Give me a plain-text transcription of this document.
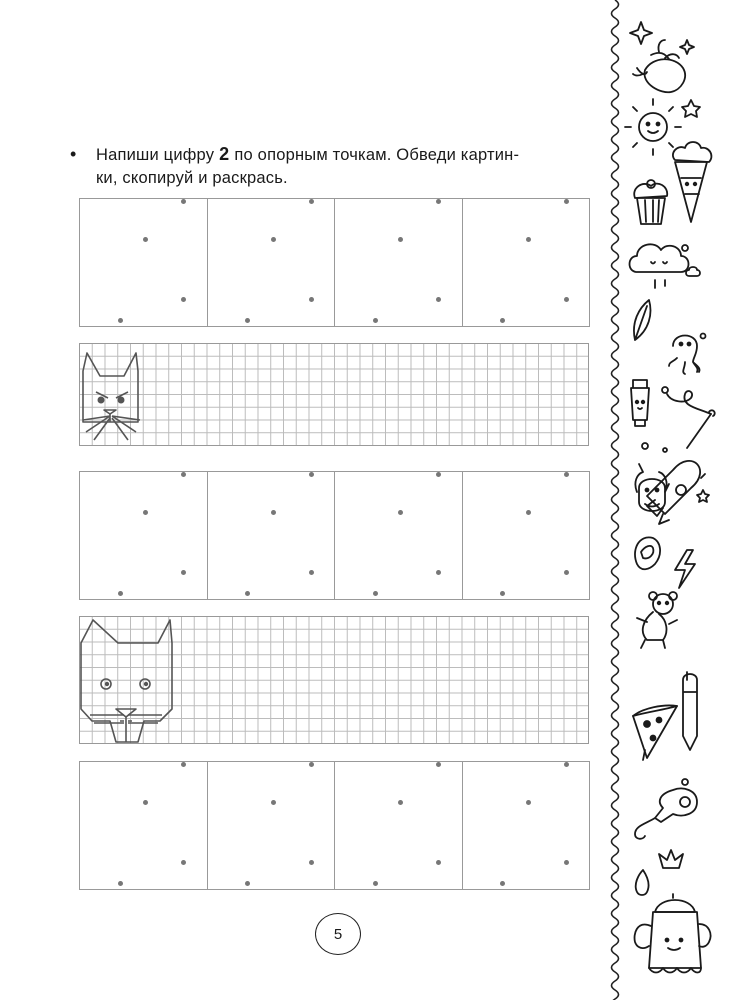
•	Напиши цифру 2 по опорным точкам. Обведи картин-
ки, скопируй и раскрась.
5
